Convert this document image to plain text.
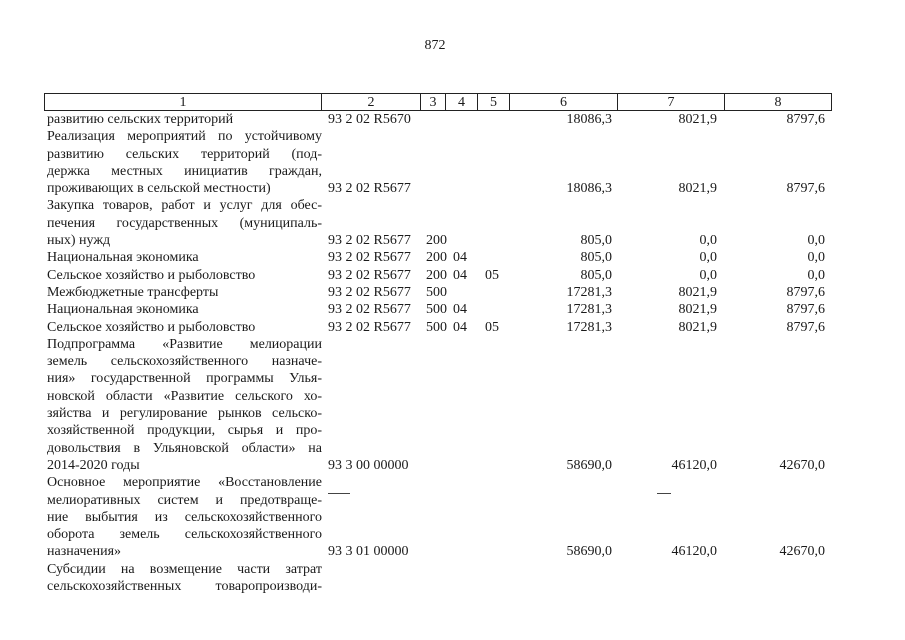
872
1	2	3	4	5	6	7	8
развитию сельских территорий	93 2 02 R5670	18086,3	8021,9	8797,6
Реализация мероприятий по устойчивому
развитию сельских территорий (под-
держка местных инициатив граждан,
проживающих в сельской местности)	93 2 02 R5677	18086,3	8021,9	8797,6
Закупка товаров, работ и услуг для обес-
печения государственных (муниципаль-
ных) нужд	93 2 02 R5677 200	805,0	0,0	0,0
Национальная экономика	93 2 02 R5677 200 04	805,0	0,0	0,0
Сельское хозяйство и рыболовство	93 2 02 R5677 200 04 05	805,0	0,0	0,0
Межбюджетные трансферты	93 2 02 R5677 500	17281,3	8021,9	8797,6
Национальная экономика	93 2 02 R5677 500 04	17281,3	8021,9	8797,6
Сельское хозяйство и рыболовство	93 2 02 R5677 500 04 05	17281,3	8021,9	8797,6
Подпрограмма «Развитие мелиорации
земель сельскохозяйственного назначе-
ния» государственной программы Улья-
новской области «Развитие сельского хо-
зяйства и регулирование рынков сельско-
хозяйственной продукции, сырья и про-
довольствия в Ульяновской области» на
2014-2020 годы	93 3 00 00000	58690,0	46120,0	42670,0
Основное мероприятие «Восстановление
мелиоративных систем и предотвраще-
ние выбытия из сельскохозяйственного
оборота земель сельскохозяйственного
назначения»	93 3 01 00000	58690,0	46120,0	42670,0
Субсидии на возмещение части затрат
сельскохозяйственных товаропроизводи-
